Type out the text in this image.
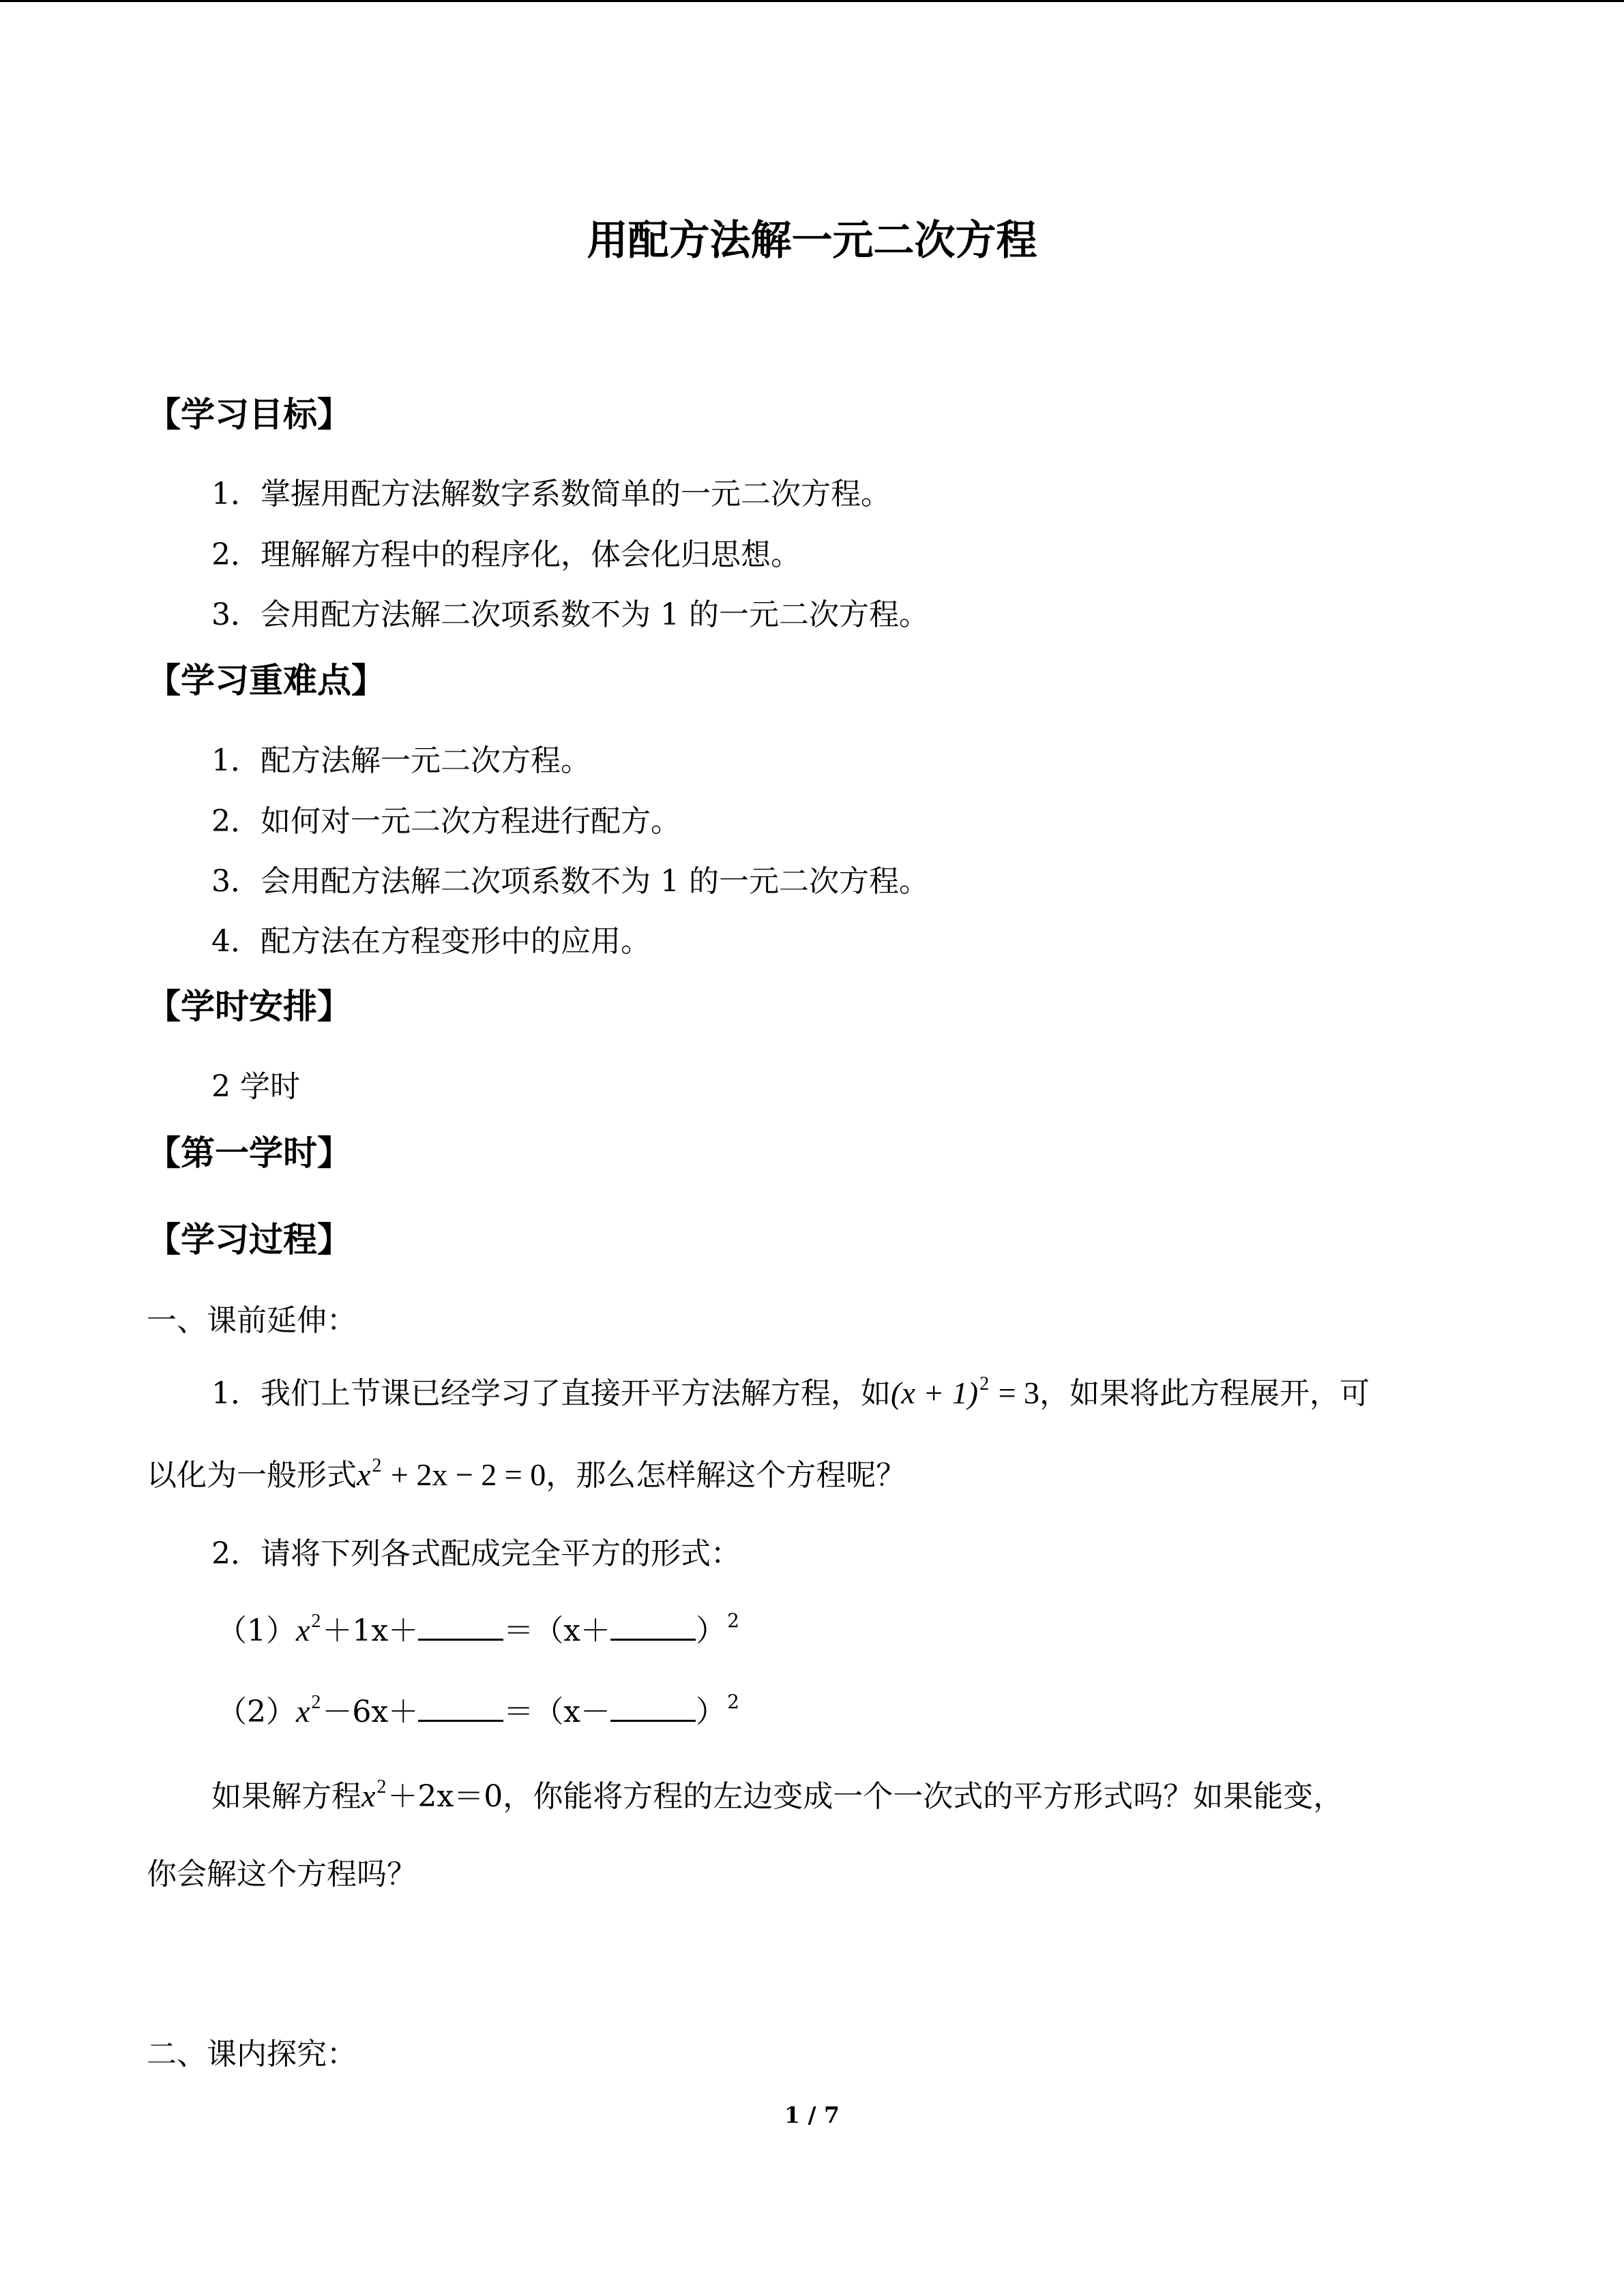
用配方法解一元二次方程
【学习目标】
1．掌握用配方法解数字系数简单的一元二次方程。
2．理解解方程中的程序化，体会化归思想。
3．会用配方法解二次项系数不为 1 的一元二次方程。
【学习重难点】
1．配方法解一元二次方程。
2．如何对一元二次方程进行配方。
3．会用配方法解二次项系数不为 1 的一元二次方程。
4．配方法在方程变形中的应用。
【学时安排】
2 学时
【第一学时】
【学习过程】
一、课前延伸：
1．我们上节课已经学习了直接开平方法解方程，如$(x + 1)^2 = 3$，如果将此方程展开，可
以化为一般形式$x^2 + 2x - 2 = 0$，那么怎样解这个方程呢？
2．请将下列各式配成完全平方的形式：
$(1)x^2+1x+$	＝（x＋	）$^2$
$(2)x^2-6x+$	＝（x－	）$^2$
如果解方程$x^2+2x=0$，你能将方程的左边变成一个一次式的平方形式吗？如果能变，
你会解这个方程吗？
二、课内探究：
1 / 7
